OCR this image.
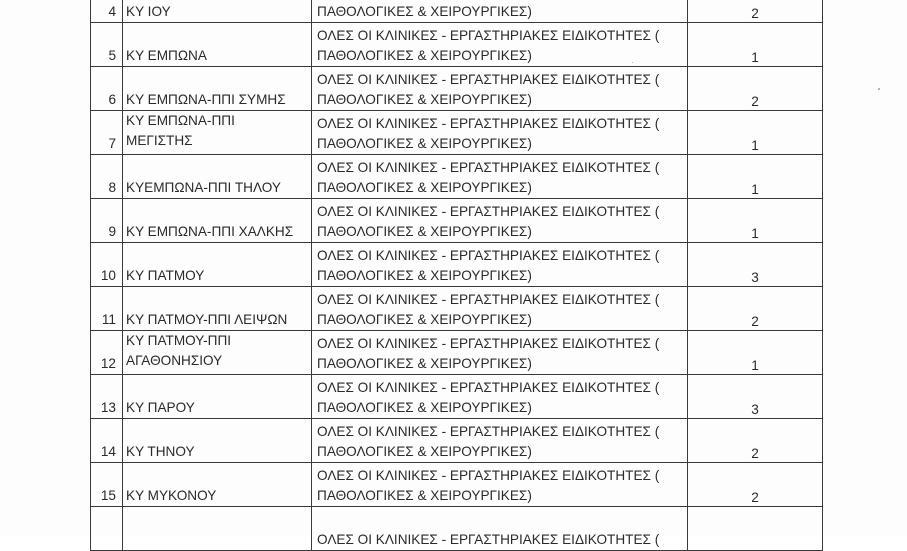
4	ΚΥ ΙΟΥ	ΠΑΘΟΛΟΓΙΚΕΣ & ΧΕΙΡΟΥΡΓΙΚΕΣ)	2
5	ΚΥ ΕΜΠΩΝΑ	ΟΛΕΣ ΟΙ ΚΛΙΝΙΚΕΣ - ΕΡΓΑΣΤΗΡΙΑΚΕΣ ΕΙΔΙΚΟΤΗΤΕΣ (
ΠΑΘΟΛΟΓΙΚΕΣ & ΧΕΙΡΟΥΡΓΙΚΕΣ)	1
6	ΚΥ ΕΜΠΩΝΑ-ΠΠΙ ΣΥΜΗΣ	ΟΛΕΣ ΟΙ ΚΛΙΝΙΚΕΣ - ΕΡΓΑΣΤΗΡΙΑΚΕΣ ΕΙΔΙΚΟΤΗΤΕΣ (
ΠΑΘΟΛΟΓΙΚΕΣ & ΧΕΙΡΟΥΡΓΙΚΕΣ)	2
7	ΚΥ ΕΜΠΩΝΑ-ΠΠΙ
ΜΕΓΙΣΤΗΣ	ΟΛΕΣ ΟΙ ΚΛΙΝΙΚΕΣ - ΕΡΓΑΣΤΗΡΙΑΚΕΣ ΕΙΔΙΚΟΤΗΤΕΣ (
ΠΑΘΟΛΟΓΙΚΕΣ & ΧΕΙΡΟΥΡΓΙΚΕΣ)	1
8	ΚΥΕΜΠΩΝΑ-ΠΠΙ ΤΗΛΟΥ	ΟΛΕΣ ΟΙ ΚΛΙΝΙΚΕΣ - ΕΡΓΑΣΤΗΡΙΑΚΕΣ ΕΙΔΙΚΟΤΗΤΕΣ (
ΠΑΘΟΛΟΓΙΚΕΣ & ΧΕΙΡΟΥΡΓΙΚΕΣ)	1
9	ΚΥ ΕΜΠΩΝΑ-ΠΠΙ ΧΑΛΚΗΣ	ΟΛΕΣ ΟΙ ΚΛΙΝΙΚΕΣ - ΕΡΓΑΣΤΗΡΙΑΚΕΣ ΕΙΔΙΚΟΤΗΤΕΣ (
ΠΑΘΟΛΟΓΙΚΕΣ & ΧΕΙΡΟΥΡΓΙΚΕΣ)	1
10	ΚΥ ΠΑΤΜΟΥ	ΟΛΕΣ ΟΙ ΚΛΙΝΙΚΕΣ - ΕΡΓΑΣΤΗΡΙΑΚΕΣ ΕΙΔΙΚΟΤΗΤΕΣ (
ΠΑΘΟΛΟΓΙΚΕΣ & ΧΕΙΡΟΥΡΓΙΚΕΣ)	3
11	ΚΥ ΠΑΤΜΟΥ-ΠΠΙ ΛΕΙΨΩΝ	ΟΛΕΣ ΟΙ ΚΛΙΝΙΚΕΣ - ΕΡΓΑΣΤΗΡΙΑΚΕΣ ΕΙΔΙΚΟΤΗΤΕΣ (
ΠΑΘΟΛΟΓΙΚΕΣ & ΧΕΙΡΟΥΡΓΙΚΕΣ)	2
12	ΚΥ ΠΑΤΜΟΥ-ΠΠΙ
ΑΓΑΘΟΝΗΣΙΟΥ	ΟΛΕΣ ΟΙ ΚΛΙΝΙΚΕΣ - ΕΡΓΑΣΤΗΡΙΑΚΕΣ ΕΙΔΙΚΟΤΗΤΕΣ (
ΠΑΘΟΛΟΓΙΚΕΣ & ΧΕΙΡΟΥΡΓΙΚΕΣ)	1
13	ΚΥ ΠΑΡΟΥ	ΟΛΕΣ ΟΙ ΚΛΙΝΙΚΕΣ - ΕΡΓΑΣΤΗΡΙΑΚΕΣ ΕΙΔΙΚΟΤΗΤΕΣ (
ΠΑΘΟΛΟΓΙΚΕΣ & ΧΕΙΡΟΥΡΓΙΚΕΣ)	3
14	ΚΥ ΤΗΝΟΥ	ΟΛΕΣ ΟΙ ΚΛΙΝΙΚΕΣ - ΕΡΓΑΣΤΗΡΙΑΚΕΣ ΕΙΔΙΚΟΤΗΤΕΣ (
ΠΑΘΟΛΟΓΙΚΕΣ & ΧΕΙΡΟΥΡΓΙΚΕΣ)	2
15	ΚΥ ΜΥΚΟΝΟΥ	ΟΛΕΣ ΟΙ ΚΛΙΝΙΚΕΣ - ΕΡΓΑΣΤΗΡΙΑΚΕΣ ΕΙΔΙΚΟΤΗΤΕΣ (
ΠΑΘΟΛΟΓΙΚΕΣ & ΧΕΙΡΟΥΡΓΙΚΕΣ)	2

		ΟΛΕΣ ΟΙ ΚΛΙΝΙΚΕΣ - ΕΡΓΑΣΤΗΡΙΑΚΕΣ ΕΙΔΙΚΟΤΗΤΕΣ (	
